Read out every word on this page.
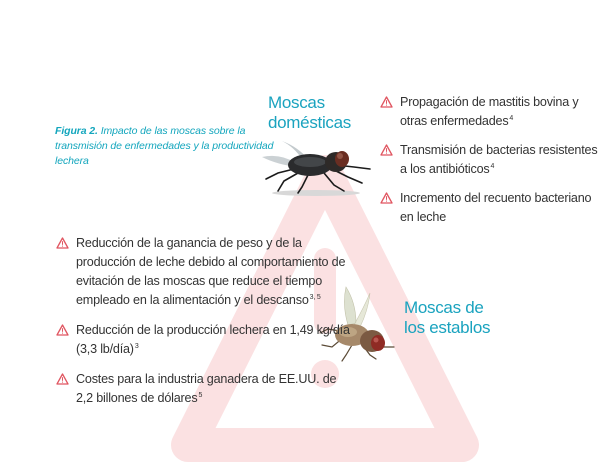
Figura 2. Impacto de las moscas sobre la transmisión de enfermedades y la productividad lechera
Moscas
domésticas
Moscas de
los establos
Propagación de mastitis bovina y otras enfermedades$^4$
Transmisión de bacterias resistentes a los antibióticos$^4$
Incremento del recuento bacteriano en leche
Reducción de la ganancia de peso y de la producción de leche debido al comportamiento de evitación de las moscas que reduce el tiempo empleado en la alimentación y el descanso$^{3, 5}$
Reducción de la producción lechera en 1,49 kg/día (3,3 lb/día)$^3$
Costes para la industria ganadera de EE.UU. de 2,2 billones de dólares$^5$
